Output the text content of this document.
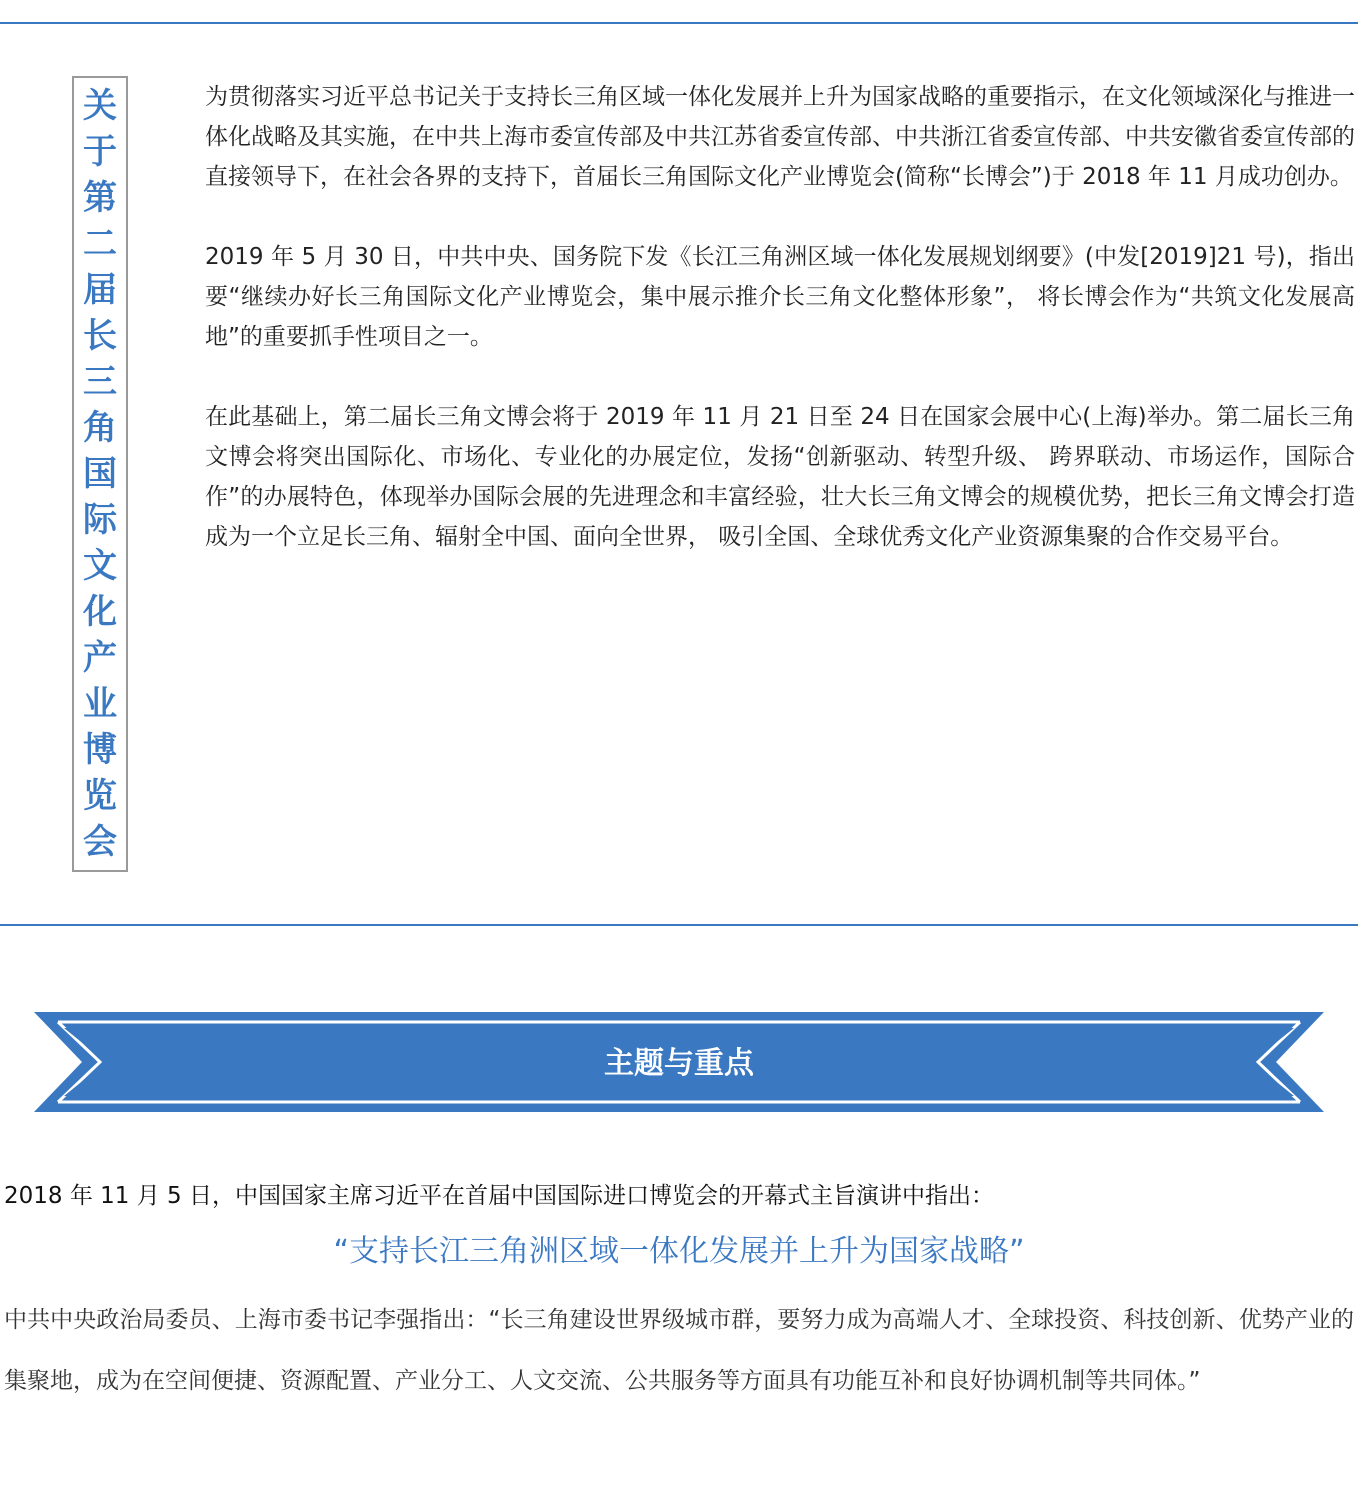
关于第二届长三角国际文化产业博览会

为贯彻落实习近平总书记关于支持长三角区域一体化发展并上升为国家战略的重要指示，在文化领域深化与推进一体化战略及其实施，在中共上海市委宣传部及中共江苏省委宣传部、中共浙江省委宣传部、中共安徽省委宣传部的直接领导下，在社会各界的支持下，首届长三角国际文化产业博览会(简称“长博会”)于 2018 年 11 月成功创办。

2019 年 5 月 30 日，中共中央、国务院下发《长江三角洲区域一体化发展规划纲要》(中发[2019]21 号)，指出要“继续办好长三角国际文化产业博览会，集中展示推介长三角文化整体形象”， 将长博会作为“共筑文化发展高地”的重要抓手性项目之一。

在此基础上，第二届长三角文博会将于 2019 年 11 月 21 日至 24 日在国家会展中心(上海)举办。第二届长三角文博会将突出国际化、市场化、专业化的办展定位，发扬“创新驱动、转型升级、 跨界联动、市场运作，国际合作”的办展特色，体现举办国际会展的先进理念和丰富经验，壮大长三角文博会的规模优势，把长三角文博会打造成为一个立足长三角、辐射全中国、面向全世界， 吸引全国、全球优秀文化产业资源集聚的合作交易平台。

主题与重点
2018 年 11 月 5 日，中国国家主席习近平在首届中国国际进口博览会的开幕式主旨演讲中指出：
“支持长江三角洲区域一体化发展并上升为国家战略”
中共中央政治局委员、上海市委书记李强指出：“长三角建设世界级城市群，要努力成为高端人才、全球投资、科技创新、优势产业的集聚地，成为在空间便捷、资源配置、产业分工、人文交流、公共服务等方面具有功能互补和良好协调机制等共同体。”
